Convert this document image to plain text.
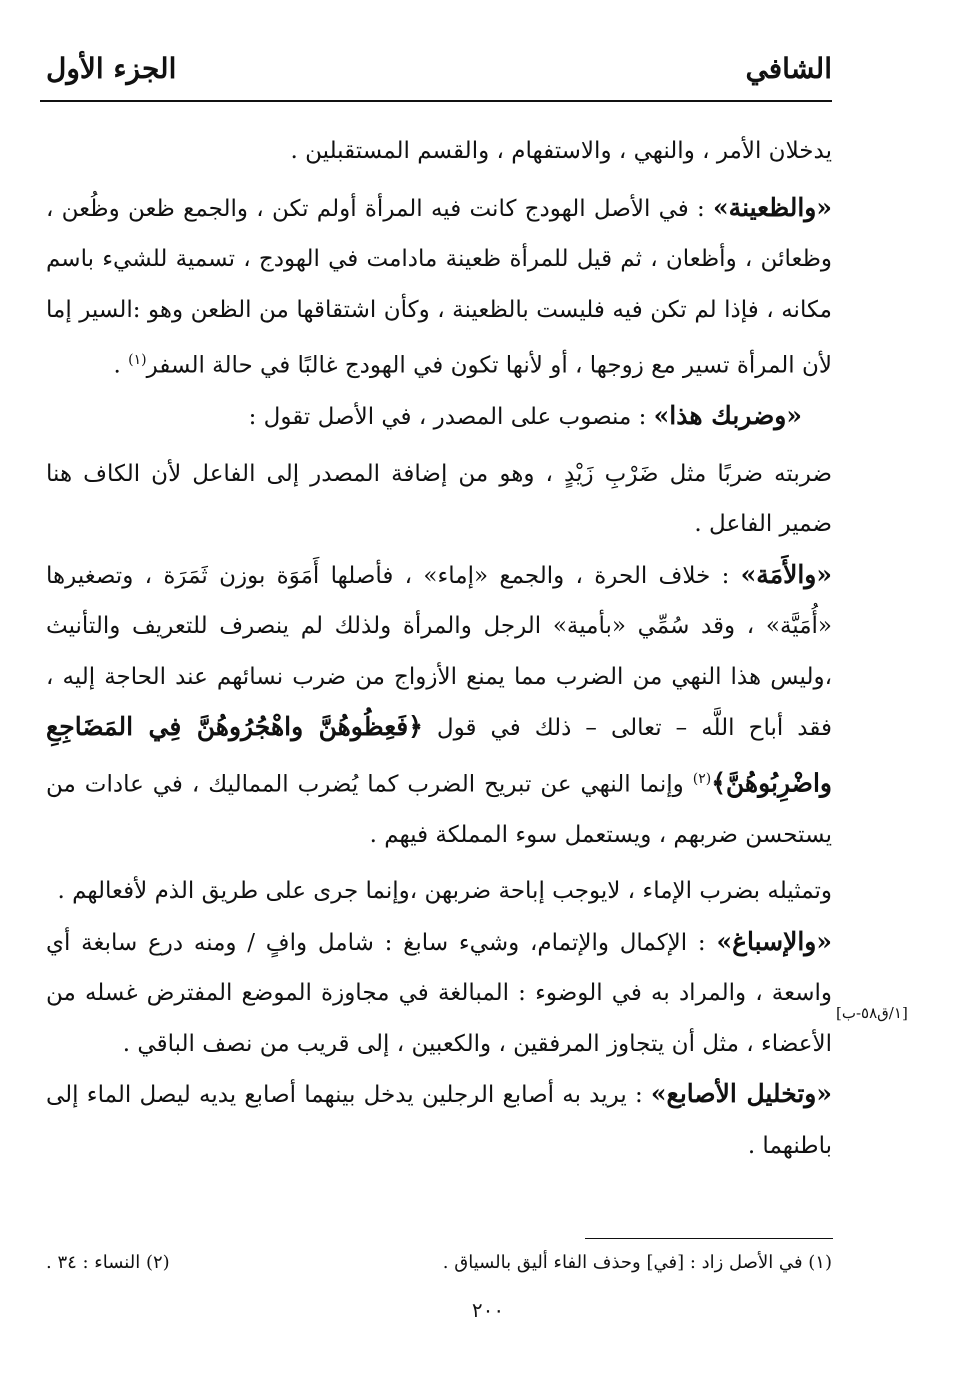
الشافي
الجزء الأول

يدخلان الأمر ، والنهي ، والاستفهام ، والقسم المستقبلين .

«والظعينة» : في الأصل الهودج كانت فيه المرأة أولم تكن ، والجمع ظعن وظُعن ، وظعائن ، وأظعان ، ثم قيل للمرأة ظعينة مادامت في الهودج ، تسمية للشيء باسم مكانه ، فإذا لم تكن فيه فليست بالظعينة ، وكأن اشتقاقها من الظعن وهو :السير إما لأن المرأة تسير مع زوجها ، أو لأنها تكون في الهودج غالبًا في حالة السفر$^{(١)}$ .

«وضربك هذا» : منصوب على المصدر ، في الأصل تقول :

ضربته ضربًا مثل ضَرْبِ زَيْدٍ ، وهو من إضافة المصدر إلى الفاعل لأن الكاف هنا ضمير الفاعل .

«والأَمَة» : خلاف الحرة ، والجمع «إماء» ، فأصلها أَمَوَة بوزن ثَمَرَة ، وتصغيرها «أُمَيَّة» ، وقد سُمِّي «بأمية» الرجل والمرأة ولذلك لم ينصرف للتعريف والتأنيث ،وليس هذا النهي من الضرب مما يمنع الأزواج من ضرب نسائهم عند الحاجة إليه ، فقد أباح اللَّه – تعالى – ذلك في قول ﴿فَعِظُوهُنَّ واهْجُرُوهُنَّ فِي المَضَاجِعِ واضْرِبُوهُنَّ﴾$^{(٢)}$ وإنما النهي عن تبريح الضرب كما يُضرب المماليك ، في عادات من يستحسن ضربهم ، ويستعمل سوء المملكة فيهم .

وتمثيله بضرب الإماء ، لايوجب إباحة ضربهن ،وإنما جرى على طريق الذم لأفعالهم .

«والإسباغ» : الإكمال والإتمام، وشيء سابغ : شامل وافٍ / ومنه درع سابغة أي واسعة ، والمراد به في الوضوء : المبالغة في مجاوزة الموضع المفترض غسله من الأعضاء ، مثل أن يتجاوز المرفقين ، والكعبين ، إلى قريب من نصف الباقي .

«وتخليل الأصابع» : يريد به أصابع الرجلين يدخل بينهما أصابع يديه ليصل الماء إلى باطنهما .

[١/ق٥٨-ب]
(١) في الأصل زاد : [في] وحذف الفاء أليق بالسياق .
(٢) النساء : ٣٤ .
٢٠٠
